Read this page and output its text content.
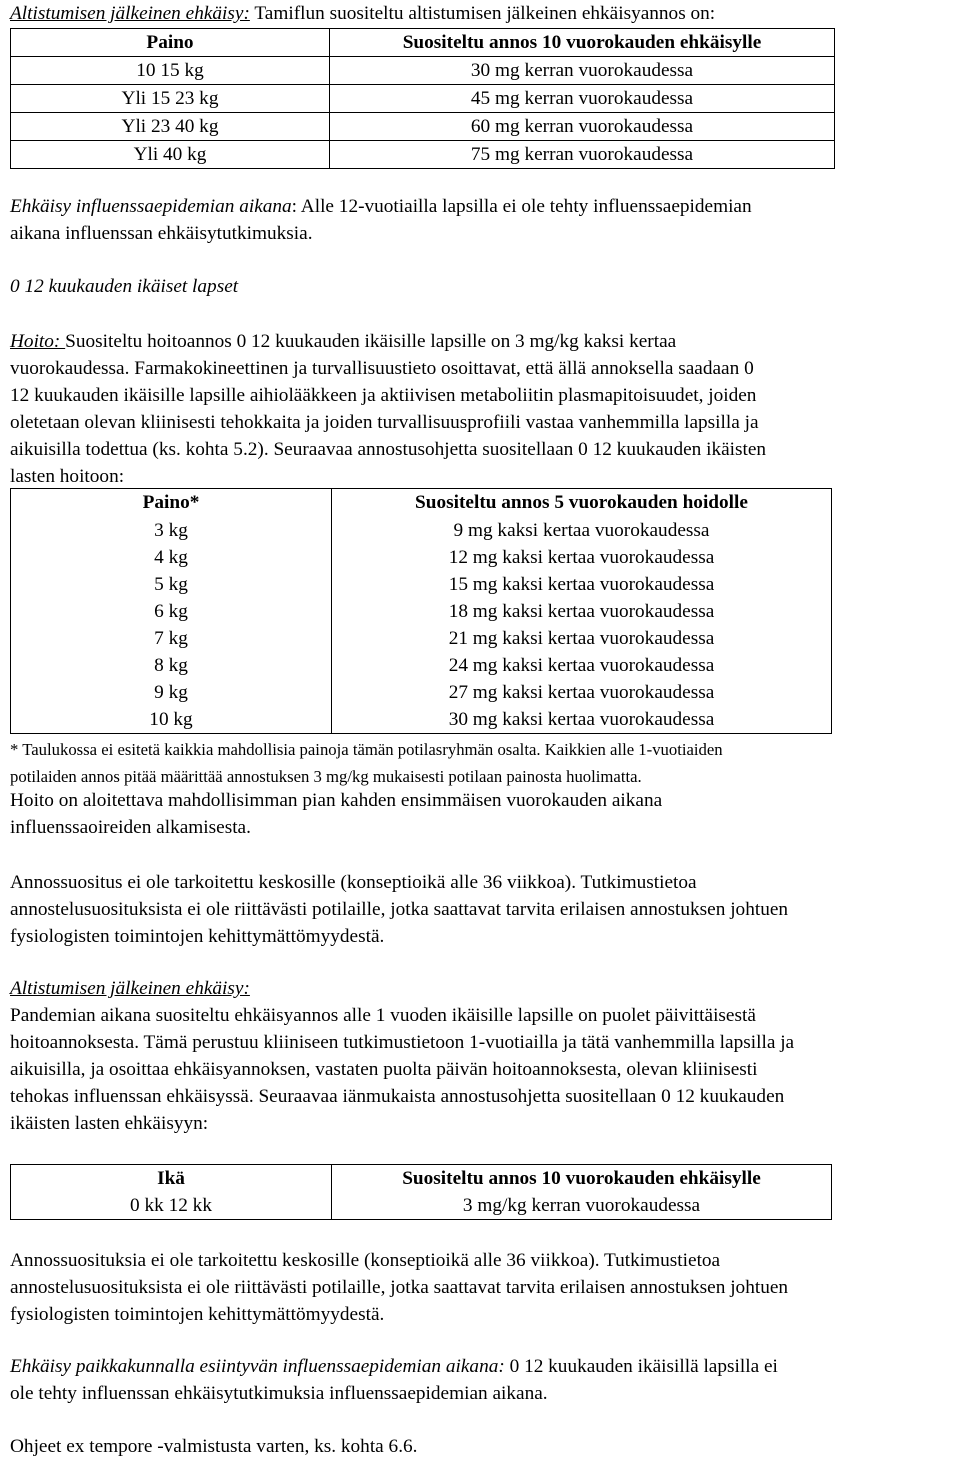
Altistumisen jälkeinen ehkäisy: Tamiflun suositeltu altistumisen jälkeinen ehkäisyannos on:

Paino	Suositeltu annos 10 vuorokauden ehkäisylle
10 15 kg	30 mg kerran vuorokaudessa
Yli 15 23 kg	45 mg kerran vuorokaudessa
Yli 23 40 kg	60 mg kerran vuorokaudessa
Yli 40 kg	75 mg kerran vuorokaudessa

Ehkäisy influenssaepidemian aikana: Alle 12-vuotiailla lapsilla ei ole tehty influenssaepidemian

aikana influenssan ehkäisytutkimuksia.

0 12 kuukauden ikäiset lapset

Hoito: Suositeltu hoitoannos 0 12 kuukauden ikäisille lapsille on 3 mg/kg kaksi kertaa

vuorokaudessa. Farmakokineettinen ja turvallisuustieto osoittavat, että ällä annoksella saadaan 0

12 kuukauden ikäisille lapsille aihiolääkkeen ja aktiivisen metaboliitin plasmapitoisuudet, joiden

oletetaan olevan kliinisesti tehokkaita ja joiden turvallisuusprofiili vastaa vanhemmilla lapsilla ja

aikuisilla todettua (ks. kohta 5.2). Seuraavaa annostusohjetta suositellaan 0 12 kuukauden ikäisten

lasten hoitoon:

Paino*	Suositeltu annos 5 vuorokauden hoidolle
3 kg	9 mg kaksi kertaa vuorokaudessa
4 kg	12 mg kaksi kertaa vuorokaudessa
5 kg	15 mg kaksi kertaa vuorokaudessa
6 kg	18 mg kaksi kertaa vuorokaudessa
7 kg	21 mg kaksi kertaa vuorokaudessa
8 kg	24 mg kaksi kertaa vuorokaudessa
9 kg	27 mg kaksi kertaa vuorokaudessa
10 kg	30 mg kaksi kertaa vuorokaudessa

* Taulukossa ei esitetä kaikkia mahdollisia painoja tämän potilasryhmän osalta. Kaikkien alle 1-vuotiaiden

potilaiden annos pitää määrittää annostuksen 3 mg/kg mukaisesti potilaan painosta huolimatta.

Hoito on aloitettava mahdollisimman pian kahden ensimmäisen vuorokauden aikana

influenssaoireiden alkamisesta.

Annossuositus ei ole tarkoitettu keskosille (konseptioikä alle 36 viikkoa). Tutkimustietoa

annostelusuosituksista ei ole riittävästi potilaille, jotka saattavat tarvita erilaisen annostuksen johtuen

fysiologisten toimintojen kehittymättömyydestä.

Altistumisen jälkeinen ehkäisy:

Pandemian aikana suositeltu ehkäisyannos alle 1 vuoden ikäisille lapsille on puolet päivittäisestä

hoitoannoksesta. Tämä perustuu kliiniseen tutkimustietoon 1-vuotiailla ja tätä vanhemmilla lapsilla ja

aikuisilla, ja osoittaa ehkäisyannoksen, vastaten puolta päivän hoitoannoksesta, olevan kliinisesti

tehokas influenssan ehkäisyssä. Seuraavaa iänmukaista annostusohjetta suositellaan 0 12 kuukauden

ikäisten lasten ehkäisyyn:

Ikä	Suositeltu annos 10 vuorokauden ehkäisylle
0 kk 12 kk	3 mg/kg kerran vuorokaudessa

Annossuosituksia ei ole tarkoitettu keskosille (konseptioikä alle 36 viikkoa). Tutkimustietoa

annostelusuosituksista ei ole riittävästi potilaille, jotka saattavat tarvita erilaisen annostuksen johtuen

fysiologisten toimintojen kehittymättömyydestä.

Ehkäisy paikkakunnalla esiintyvän influenssaepidemian aikana: 0 12 kuukauden ikäisillä lapsilla ei

ole tehty influenssan ehkäisytutkimuksia influenssaepidemian aikana.

Ohjeet ex tempore -valmistusta varten, ks. kohta 6.6.
